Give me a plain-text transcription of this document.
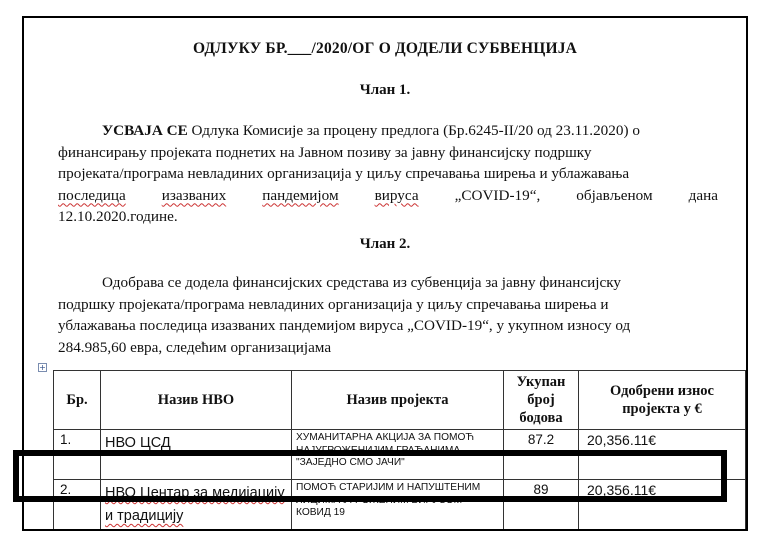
ОДЛУКУ БР.___/2020/ОГ О ДОДЕЛИ СУБВЕНЦИЈА
Члан 1.
УСВАЈА СЕ Одлука Комисије за процену предлога (Бр.6245-II/20 од 23.11.2020) о
финансирању пројеката поднетих на Јавном позиву за јавну финансијску подршку
пројеката/програма невладиних организација у циљу спречавања ширења и ублажавања
последица изазваних пандемијом вируса „COVID-19“, објављеном дана
12.10.2020.године.
Члан 2.
Одобрава се додела финансијских средстава из субвенција за јавну финансијску
подршку пројеката/програма невладиних организација у циљу спречавања ширења и
ублажавања последица изазваних пандемијом вируса „COVID-19“, у укупном износу од
284.985,60 евра, следећим организацијама
+
Бр.	Назив НВО	Назив пројекта	Укупан број бодова	Одобрени износ пројекта у €
1.	НВО ЦСД	ХУМАНИТАРНА АКЦИЈА ЗА ПОМОЋ НАЈУГРОЖЕНИЈИМ ГРАЂАНИМА "ЗАЈЕДНО СМО ЈАЧИ"	87.2	20,356.11€
2.	НВО Центар за медијацију и традицију	ПОМОЋ СТАРИЈИМ И НАПУШТЕНИМ ЛИЦИМА УГРОЖЕНИМ ВИРУСОМ КОВИД 19	89	20,356.11€
